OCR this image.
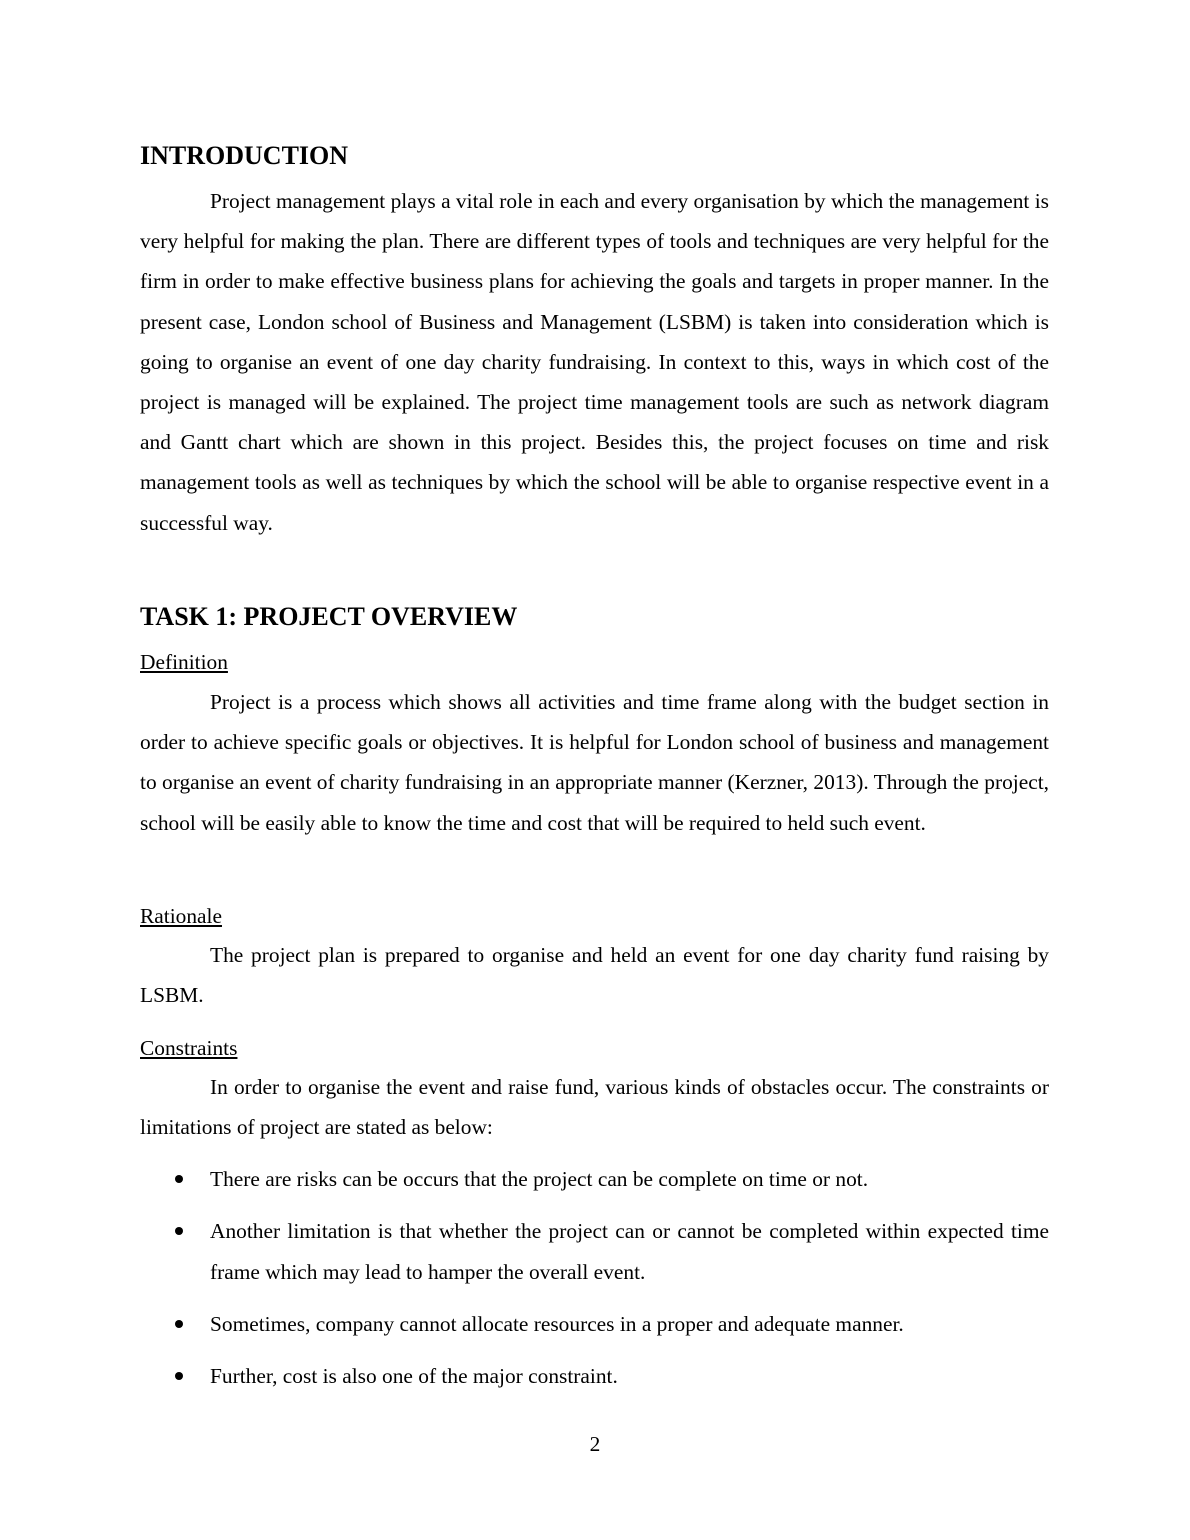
INTRODUCTION

Project management plays a vital role in each and every organisation by which the management is very helpful for making the plan. There are different types of tools and techniques are very helpful for the firm in order to make effective business plans for achieving the goals and targets in proper manner. In the present case, London school of Business and Management (LSBM) is taken into consideration which is going to organise an event of one day charity fundraising. In context to this, ways in which cost of the project is managed will be explained. The project time management tools are such as network diagram and Gantt chart which are shown in this project. Besides this, the project focuses on time and risk management tools as well as techniques by which the school will be able to organise respective event in a successful way.

TASK 1: PROJECT OVERVIEW
Definition

Project is a process which shows all activities and time frame along with the budget section in order to achieve specific goals or objectives. It is helpful for London school of business and management to organise an event of charity fundraising in an appropriate manner (Kerzner, 2013). Through the project, school will be easily able to know the time and cost that will be required to held such event.

Rationale

The project plan is prepared to organise and held an event for one day charity fund raising by LSBM.

Constraints

In order to organise the event and raise fund, various kinds of obstacles occur. The constraints or limitations of project are stated as below:

There are risks can be occurs that the project can be complete on time or not.
Another limitation is that whether the project can or cannot be completed within expected time frame which may lead to hamper the overall event.
Sometimes, company cannot allocate resources in a proper and adequate manner.
Further, cost is also one of the major constraint.
2
